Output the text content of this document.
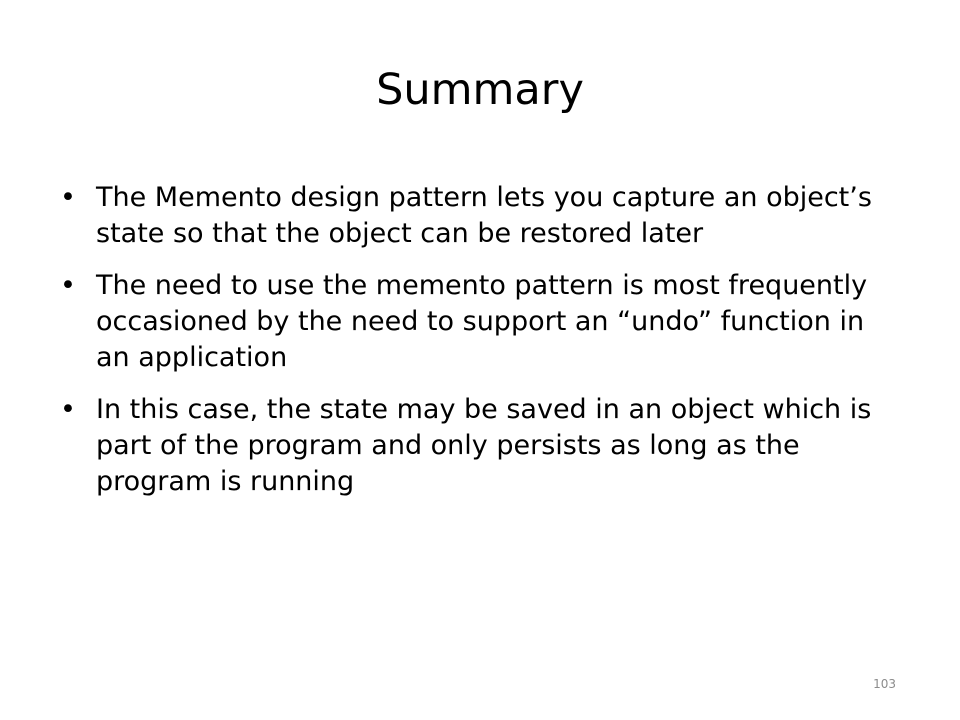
Summary
• The Memento design pattern lets you capture an object’s state so that the object can be restored later
• The need to use the memento pattern is most frequently occasioned by the need to support an “undo” function in an application
• In this case, the state may be saved in an object which is part of the program and only persists as long as the program is running
103
